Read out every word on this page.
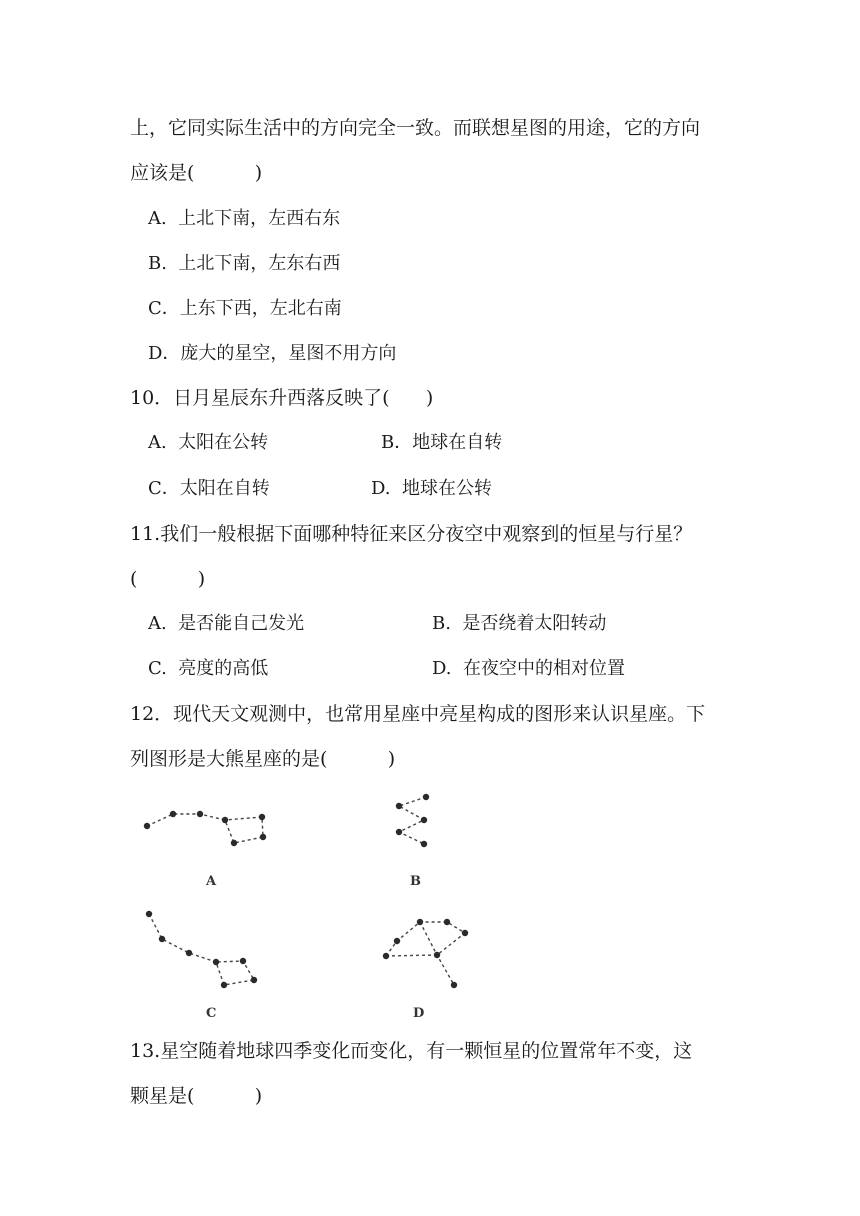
上，它同实际生活中的方向完全一致。而联想星图的用途，它的方向
应该是(          )
A.  上北下南，左西右东
B.  上北下南，左东右西
C．上东下西，左北右南
D．庞大的星空，星图不用方向
10．日月星辰东升西落反映了(      )
A.  太阳在公转	B．地球在自转
C．太阳在自转	D.  地球在公转
11.我们一般根据下面哪种特征来区分夜空中观察到的恒星与行星？
(          )
A.  是否能自己发光	B.  是否绕着太阳转动
C.  亮度的高低	D.  在夜空中的相对位置
12．现代天文观测中，也常用星座中亮星构成的图形来认识星座。下
列图形是大熊星座的是(          )
A	B
C	D
13.星空随着地球四季变化而变化，有一颗恒星的位置常年不变，这
颗星是(          )
